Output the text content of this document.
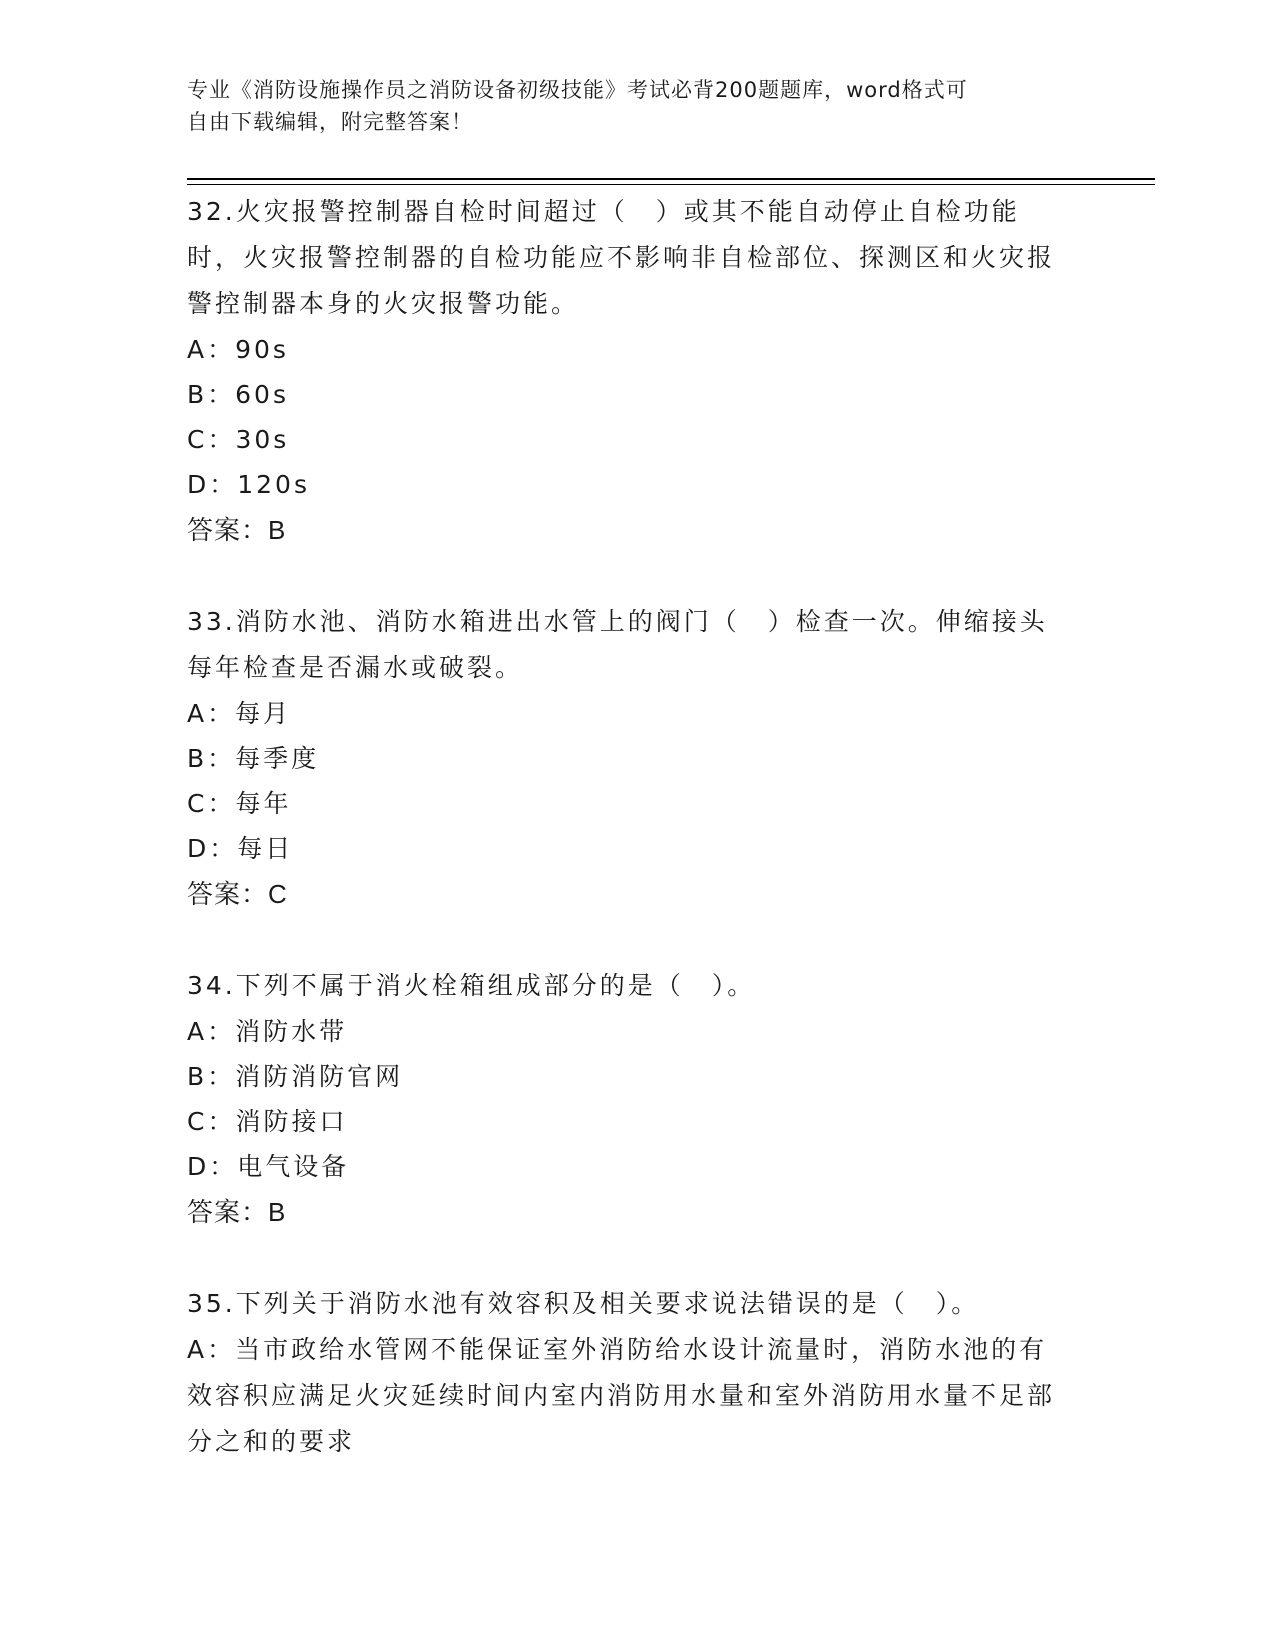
专业《消防设施操作员之消防设备初级技能》考试必背200题题库，word格式可
自由下载编辑，附完整答案！

32.火灾报警控制器自检时间超过（　）或其不能自动停止自检功能时，火灾报警控制器的自检功能应不影响非自检部位、探测区和火灾报警控制器本身的火灾报警功能。

A：90s

B：60s

C：30s

D：120s

答案：B

33.消防水池、消防水箱进出水管上的阀门（　）检查一次。伸缩接头每年检查是否漏水或破裂。

A：每月

B：每季度

C：每年

D：每日

答案：C

34.下列不属于消火栓箱组成部分的是（　）。

A：消防水带

B：消防消防官网

C：消防接口

D：电气设备

答案：B

35.下列关于消防水池有效容积及相关要求说法错误的是（　）。

A：当市政给水管网不能保证室外消防给水设计流量时，消防水池的有效容积应满足火灾延续时间内室内消防用水量和室外消防用水量不足部分之和的要求
